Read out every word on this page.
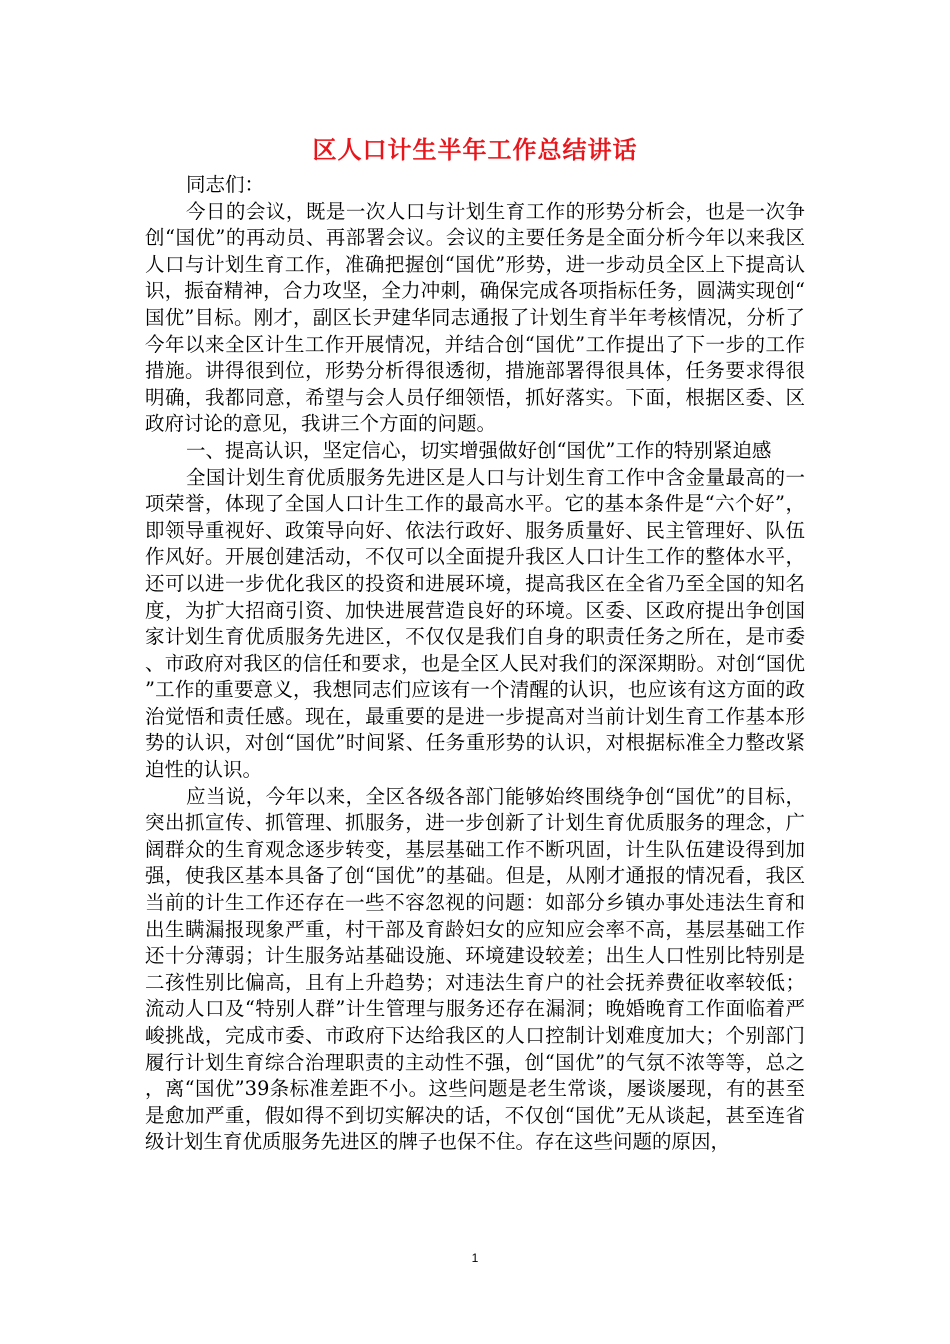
区人口计生半年工作总结讲话

同志们：

今日的会议，既是一次人口与计划生育工作的形势分析会，也是一次争创“国优”的再动员、再部署会议。会议的主要任务是全面分析今年以来我区人口与计划生育工作，准确把握创“国优”形势，进一步动员全区上下提高认识，振奋精神，合力攻坚，全力冲刺，确保完成各项指标任务，圆满实现创“国优”目标。刚才，副区长尹建华同志通报了计划生育半年考核情况，分析了今年以来全区计生工作开展情况，并结合创“国优”工作提出了下一步的工作措施。讲得很到位，形势分析得很透彻，措施部署得很具体，任务要求得很明确，我都同意，希望与会人员仔细领悟，抓好落实。下面，根据区委、区政府讨论的意见，我讲三个方面的问题。

一、提高认识，坚定信心，切实增强做好创“国优”工作的特别紧迫感

全国计划生育优质服务先进区是人口与计划生育工作中含金量最高的一项荣誉，体现了全国人口计生工作的最高水平。它的基本条件是“六个好”，即领导重视好、政策导向好、依法行政好、服务质量好、民主管理好、队伍作风好。开展创建活动，不仅可以全面提升我区人口计生工作的整体水平，还可以进一步优化我区的投资和进展环境，提高我区在全省乃至全国的知名度，为扩大招商引资、加快进展营造良好的环境。区委、区政府提出争创国家计划生育优质服务先进区，不仅仅是我们自身的职责任务之所在，是市委、市政府对我区的信任和要求，也是全区人民对我们的深深期盼。对创“国优”工作的重要意义，我想同志们应该有一个清醒的认识，也应该有这方面的政治觉悟和责任感。现在，最重要的是进一步提高对当前计划生育工作基本形势的认识，对创“国优”时间紧、任务重形势的认识，对根据标准全力整改紧迫性的认识。

应当说，今年以来，全区各级各部门能够始终围绕争创“国优”的目标，突出抓宣传、抓管理、抓服务，进一步创新了计划生育优质服务的理念，广阔群众的生育观念逐步转变，基层基础工作不断巩固，计生队伍建设得到加强，使我区基本具备了创“国优”的基础。但是，从刚才通报的情况看，我区当前的计生工作还存在一些不容忽视的问题：如部分乡镇办事处违法生育和出生瞒漏报现象严重，村干部及育龄妇女的应知应会率不高，基层基础工作还十分薄弱；计生服务站基础设施、环境建设较差；出生人口性别比特别是二孩性别比偏高，且有上升趋势；对违法生育户的社会抚养费征收率较低；流动人口及“特别人群”计生管理与服务还存在漏洞；晚婚晚育工作面临着严峻挑战，完成市委、市政府下达给我区的人口控制计划难度加大；个别部门履行计划生育综合治理职责的主动性不强，创“国优”的气氛不浓等等，总之，离“国优”39条标准差距不小。这些问题是老生常谈，屡谈屡现，有的甚至是愈加严重，假如得不到切实解决的话，不仅创“国优”无从谈起，甚至连省级计划生育优质服务先进区的牌子也保不住。存在这些问题的原因，

1
